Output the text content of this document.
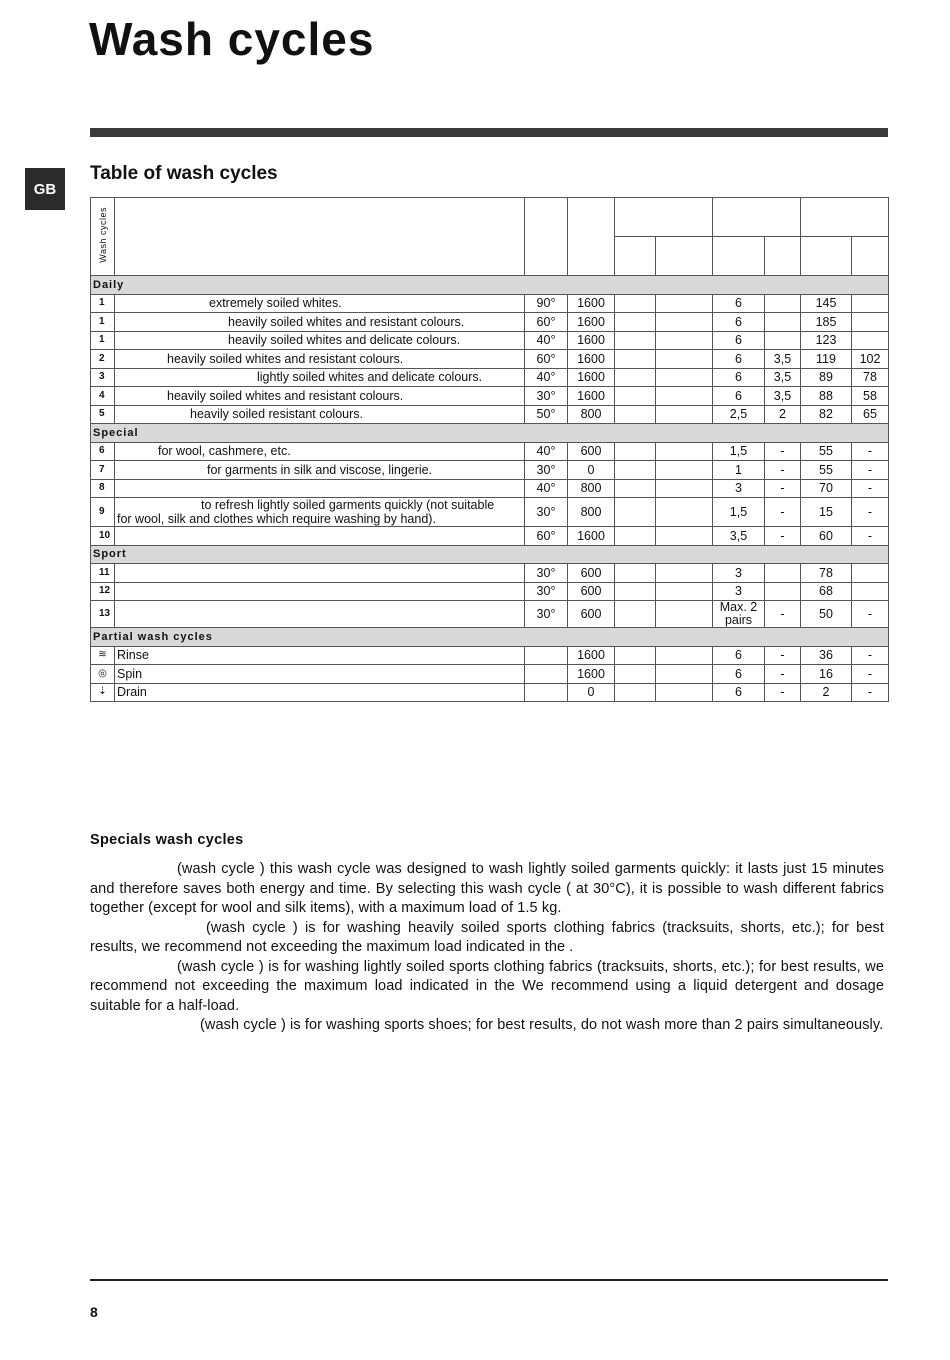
Wash cycles
GB
Table of wash cycles
Wash cycles									

Daily									
1	extremely soiled whites.	90°	1600			6		145	
1	heavily soiled whites and resistant colours.	60°	1600			6		185	
1	heavily soiled whites and delicate colours.	40°	1600			6		123	
2	heavily soiled whites and resistant colours.	60°	1600			6	3,5	119	102
3	lightly soiled whites and delicate colours.	40°	1600			6	3,5	89	78
4	heavily soiled whites and resistant colours.	30°	1600			6	3,5	88	58
5	heavily soiled resistant colours.	50°	800			2,5	2	82	65
Special									
6	for wool, cashmere, etc.	40°	600			1,5	-	55	-
7	for garments in silk and viscose, lingerie.	30°	0			1	-	55	-
8		40°	800			3	-	70	-
9	to refresh lightly soiled garments quickly (not suitable
for wool, silk and clothes which require washing by hand).	30°	800			1,5	-	15	-
10		60°	1600			3,5	-	60	-
Sport									
11		30°	600			3		78	
12		30°	600			3		68	
13		30°	600			Max. 2
pairs	-	50	-
Partial wash cycles									
≋	Rinse		1600			6	-	36	-
◎	Spin		1600			6	-	16	-
⇣	Drain		0			6	-	2	-
Specials wash cycles

(wash cycle ) this wash cycle was designed to wash lightly soiled garments quickly: it lasts just 15 minutes and therefore saves both energy and time. By selecting this wash cycle ( at 30°C), it is possible to wash different fabrics together (except for wool and silk items), with a maximum load of 1.5 kg.

(wash cycle ) is for washing heavily soiled sports clothing fabrics (tracksuits, shorts, etc.); for best results, we recommend not exceeding the maximum load indicated in the .

(wash cycle ) is for washing lightly soiled sports clothing fabrics (tracksuits, shorts, etc.); for best results, we recommend not exceeding the maximum load indicated in the We recommend using a liquid detergent and dosage suitable for a half-load.

(wash cycle ) is for washing sports shoes; for best results, do not wash more than 2 pairs simultaneously.

8
